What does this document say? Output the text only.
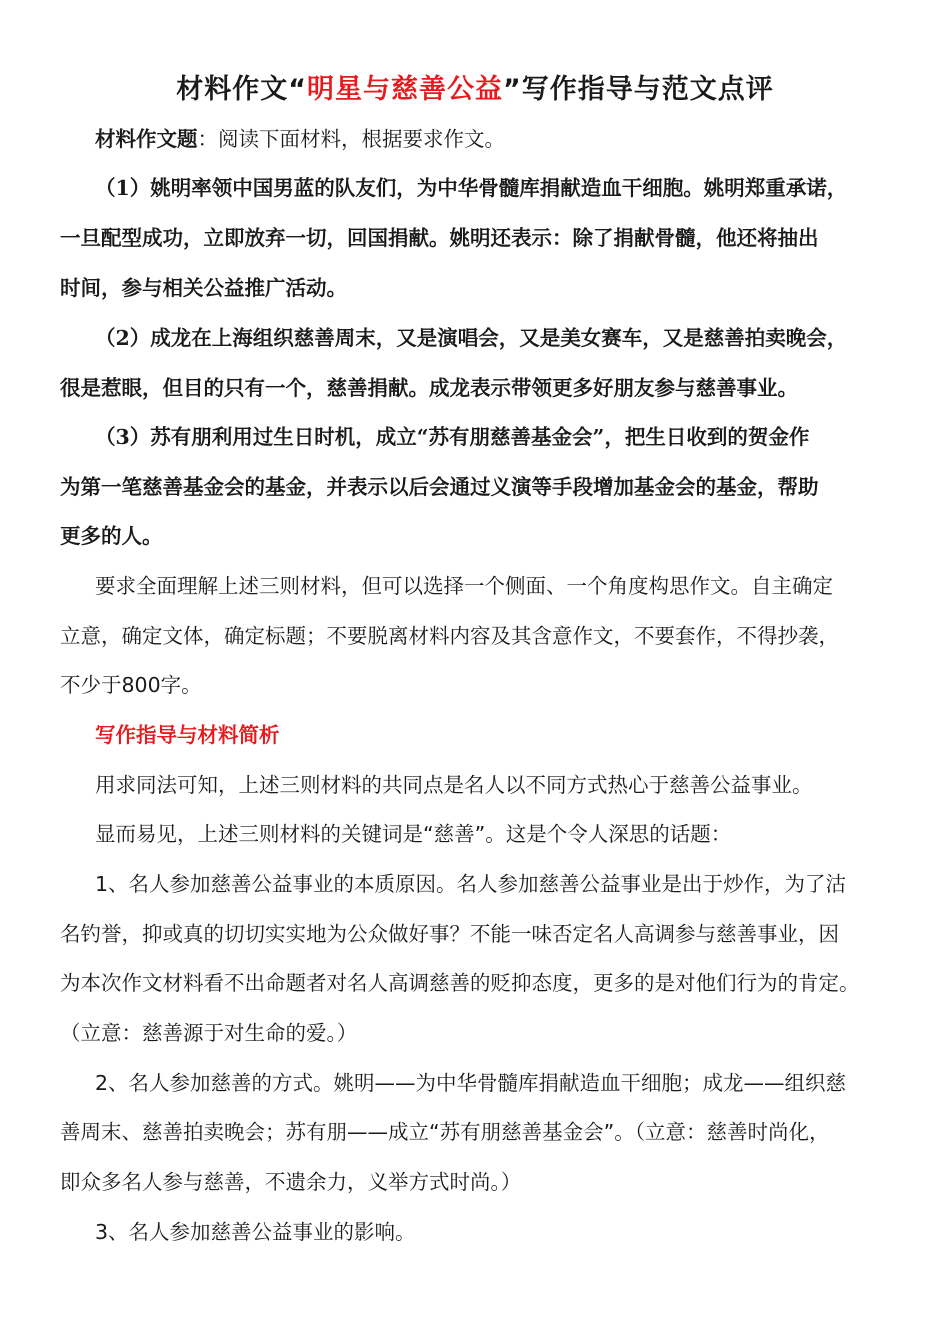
材料作文“明星与慈善公益”写作指导与范文点评
材料作文题：阅读下面材料，根据要求作文。
（1）姚明率领中国男蓝的队友们，为中华骨髓库捐献造血干细胞。姚明郑重承诺，
一旦配型成功，立即放弃一切，回国捐献。姚明还表示：除了捐献骨髓，他还将抽出
时间，参与相关公益推广活动。
（2）成龙在上海组织慈善周末，又是演唱会，又是美女赛车，又是慈善拍卖晚会，
很是惹眼，但目的只有一个，慈善捐献。成龙表示带领更多好朋友参与慈善事业。
（3）苏有朋利用过生日时机，成立“苏有朋慈善基金会”，把生日收到的贺金作
为第一笔慈善基金会的基金，并表示以后会通过义演等手段增加基金会的基金，帮助
更多的人。
要求全面理解上述三则材料，但可以选择一个侧面、一个角度构思作文。自主确定
立意，确定文体，确定标题；不要脱离材料内容及其含意作文，不要套作，不得抄袭，
不少于800字。
写作指导与材料简析
用求同法可知，上述三则材料的共同点是名人以不同方式热心于慈善公益事业。
显而易见，上述三则材料的关键词是“慈善”。这是个令人深思的话题：
1、名人参加慈善公益事业的本质原因。名人参加慈善公益事业是出于炒作，为了沽
名钓誉，抑或真的切切实实地为公众做好事？不能一味否定名人高调参与慈善事业，因
为本次作文材料看不出命题者对名人高调慈善的贬抑态度，更多的是对他们行为的肯定。
（立意：慈善源于对生命的爱。）
2、名人参加慈善的方式。姚明——为中华骨髓库捐献造血干细胞；成龙——组织慈
善周末、慈善拍卖晚会；苏有朋——成立“苏有朋慈善基金会”。（立意：慈善时尚化，
即众多名人参与慈善，不遗余力，义举方式时尚。）
3、名人参加慈善公益事业的影响。
